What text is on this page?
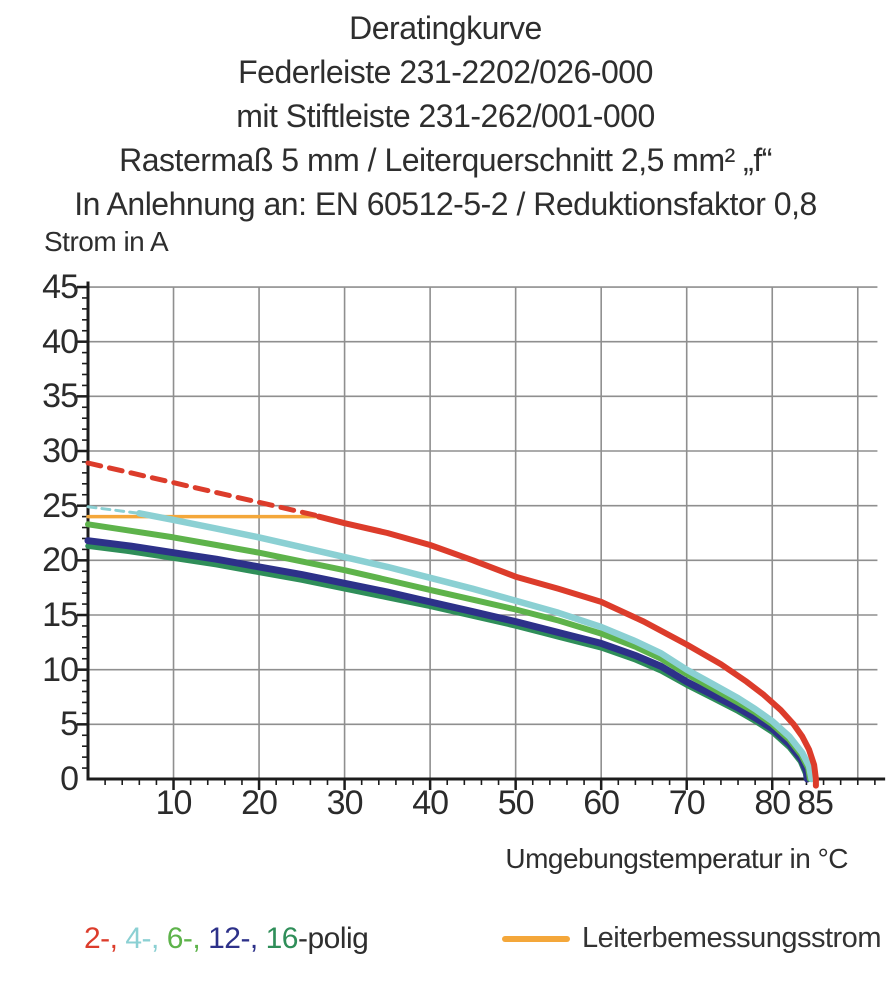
Deratingkurve
Federleiste 231-2202/026-000
mit Stiftleiste 231-262/001-000
Rastermaß 5 mm / Leiterquerschnitt 2,5 mm² „f“
In Anlehnung an: EN 60512-5-2 / Reduktionsfaktor 0,8
Strom in A
10	20	30	40	50	60	70	80 85
45
40
35
30
25
20
15
10
5
0
Umgebungstemperatur in °C
2-, 4-, 6-, 12-, 16-polig	Leiterbemessungsstrom
